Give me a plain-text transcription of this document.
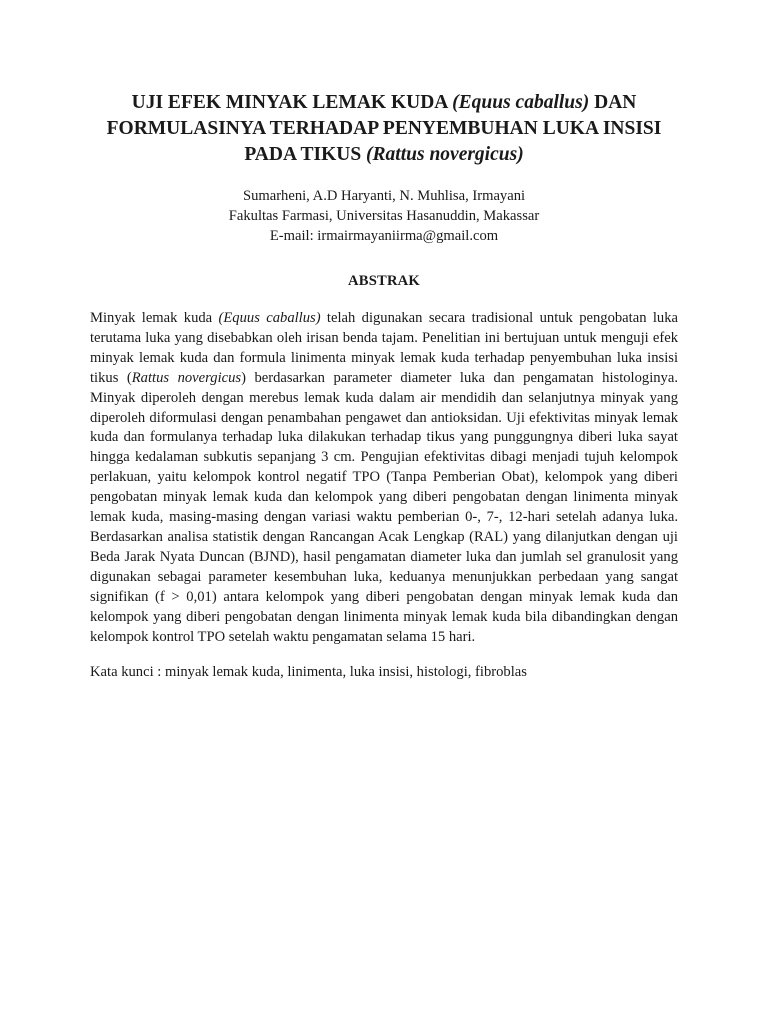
UJI EFEK MINYAK LEMAK KUDA (Equus caballus) DAN FORMULASINYA TERHADAP PENYEMBUHAN LUKA INSISI PADA TIKUS (Rattus novergicus)
Sumarheni, A.D Haryanti, N. Muhlisa, Irmayani
Fakultas Farmasi, Universitas Hasanuddin, Makassar
E-mail: irmairmayaniirma@gmail.com
ABSTRAK

Minyak lemak kuda (Equus caballus) telah digunakan secara tradisional untuk pengobatan luka terutama luka yang disebabkan oleh irisan benda tajam. Penelitian ini bertujuan untuk menguji efek minyak lemak kuda dan formula linimenta minyak lemak kuda terhadap penyembuhan luka insisi tikus (Rattus novergicus) berdasarkan parameter diameter luka dan pengamatan histologinya. Minyak diperoleh dengan merebus lemak kuda dalam air mendidih dan selanjutnya minyak yang diperoleh diformulasi dengan penambahan pengawet dan antioksidan. Uji efektivitas minyak lemak kuda dan formulanya terhadap luka dilakukan terhadap tikus yang punggungnya diberi luka sayat hingga kedalaman subkutis sepanjang 3 cm. Pengujian efektivitas dibagi menjadi tujuh kelompok perlakuan, yaitu kelompok kontrol negatif TPO (Tanpa Pemberian Obat), kelompok yang diberi pengobatan minyak lemak kuda dan kelompok yang diberi pengobatan dengan linimenta minyak lemak kuda, masing-masing dengan variasi waktu pemberian 0-, 7-, 12-hari setelah adanya luka. Berdasarkan analisa statistik dengan Rancangan Acak Lengkap (RAL) yang dilanjutkan dengan uji Beda Jarak Nyata Duncan (BJND), hasil pengamatan diameter luka dan jumlah sel granulosit yang digunakan sebagai parameter kesembuhan luka, keduanya menunjukkan perbedaan yang sangat signifikan (f > 0,01) antara kelompok yang diberi pengobatan dengan minyak lemak kuda dan kelompok yang diberi pengobatan dengan linimenta minyak lemak kuda bila dibandingkan dengan kelompok kontrol TPO setelah waktu pengamatan selama 15 hari.

Kata kunci : minyak lemak kuda, linimenta, luka insisi, histologi, fibroblas
